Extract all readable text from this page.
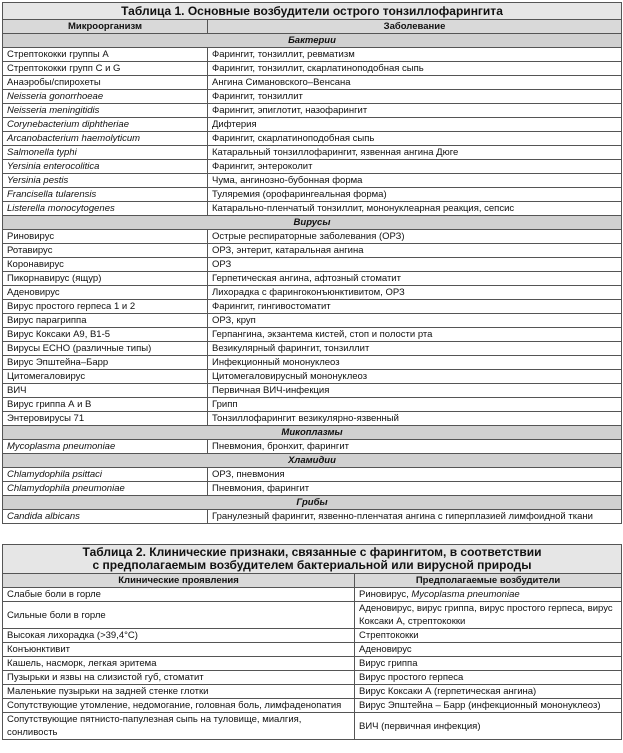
Таблица 1. Основные возбудители острого тонзиллофарингита	
Микроорганизм	Заболевание
Бактерии	
Стрептококки группы А	Фарингит, тонзиллит, ревматизм
Стрептококки групп С и G	Фарингит, тонзиллит, скарлатиноподобная сыпь
Анаэробы/спирохеты	Ангина Симановского–Венсана
Neisseria gonorrhoeae	Фарингит, тонзиллит
Neisseria meningitidis	Фарингит, эпиглотит, назофарингит
Corynebacterium diphtheriae	Дифтерия
Arcanobacterium haemolyticum	Фарингит, скарлатиноподобная сыпь
Salmonella typhi	Катаральный тонзиллофарингит, язвенная ангина Дюге
Yersinia enterocolitica	Фарингит, энтероколит
Yersinia pestis	Чума, ангинозно-бубонная форма
Francisella tularensis	Туляремия (орофарингеальная форма)
Listerella monocytogenes	Катарально-пленчатый тонзиллит, мононуклеарная реакция, сепсис
Вирусы	
Риновирус	Острые респираторные заболевания (ОРЗ)
Ротавирус	ОРЗ, энтерит, катаральная ангина
Коронавирус	ОРЗ
Пикорнавирус (ящур)	Герпетическая ангина, афтозный стоматит
Аденовирус	Лихорадка с фарингоконъюнктивитом, ОРЗ
Вирус простого герпеса 1 и 2	Фарингит, гингивостоматит
Вирус парагриппа	ОРЗ, круп
Вирус Коксаки А9, В1-5	Герпангина, экзантема кистей, стоп и полости рта
Вирусы ЕСНО (различные типы)	Везикулярный фарингит, тонзиллит
Вирус Эпштейна–Барр	Инфекционный мононуклеоз
Цитомегаловирус	Цитомегаловирусный мононуклеоз
ВИЧ	Первичная ВИЧ-инфекция
Вирус гриппа А и В	Грипп
Энтеровирусы 71	Тонзиллофарингит везикулярно-язвенный
Микоплазмы	
Mycoplasma pneumoniae	Пневмония, бронхит, фарингит
Хламидии	
Chlamydophila psittaci	ОРЗ, пневмония
Chlamydophila pneumoniae	Пневмония, фарингит
Грибы	
Candida albicans	Гранулезный фарингит, язвенно-пленчатая ангина с гиперплазией лимфоидной ткани
Таблица 2. Клинические признаки, связанные с фарингитом, в соответствии
с предполагаемым возбудителем бактериальной или вирусной природы	

Клинические проявления	Предполагаемые возбудители
Слабые боли в горле	Риновирус, Mycoplasma pneumoniae
Сильные боли в горле	Аденовирус, вирус гриппа, вирус простого герпеса, вирус Коксаки А, стрептококки
Высокая лихорадка (>39,4°С)	Стрептококки
Конъюнктивит	Аденовирус
Кашель, насморк, легкая эритема	Вирус гриппа
Пузырьки и язвы на слизистой губ, стоматит	Вирус простого герпеса
Маленькие пузырьки на задней стенке глотки	Вирус Коксаки А (герпетическая ангина)
Сопутствующие утомление, недомогание, головная боль, лимфаденопатия	Вирус Эпштейна – Барр (инфекционный мононуклеоз)
Сопутствующие пятнисто-папулезная сыпь на туловище, миалгия, сонливость	ВИЧ (первичная инфекция)
